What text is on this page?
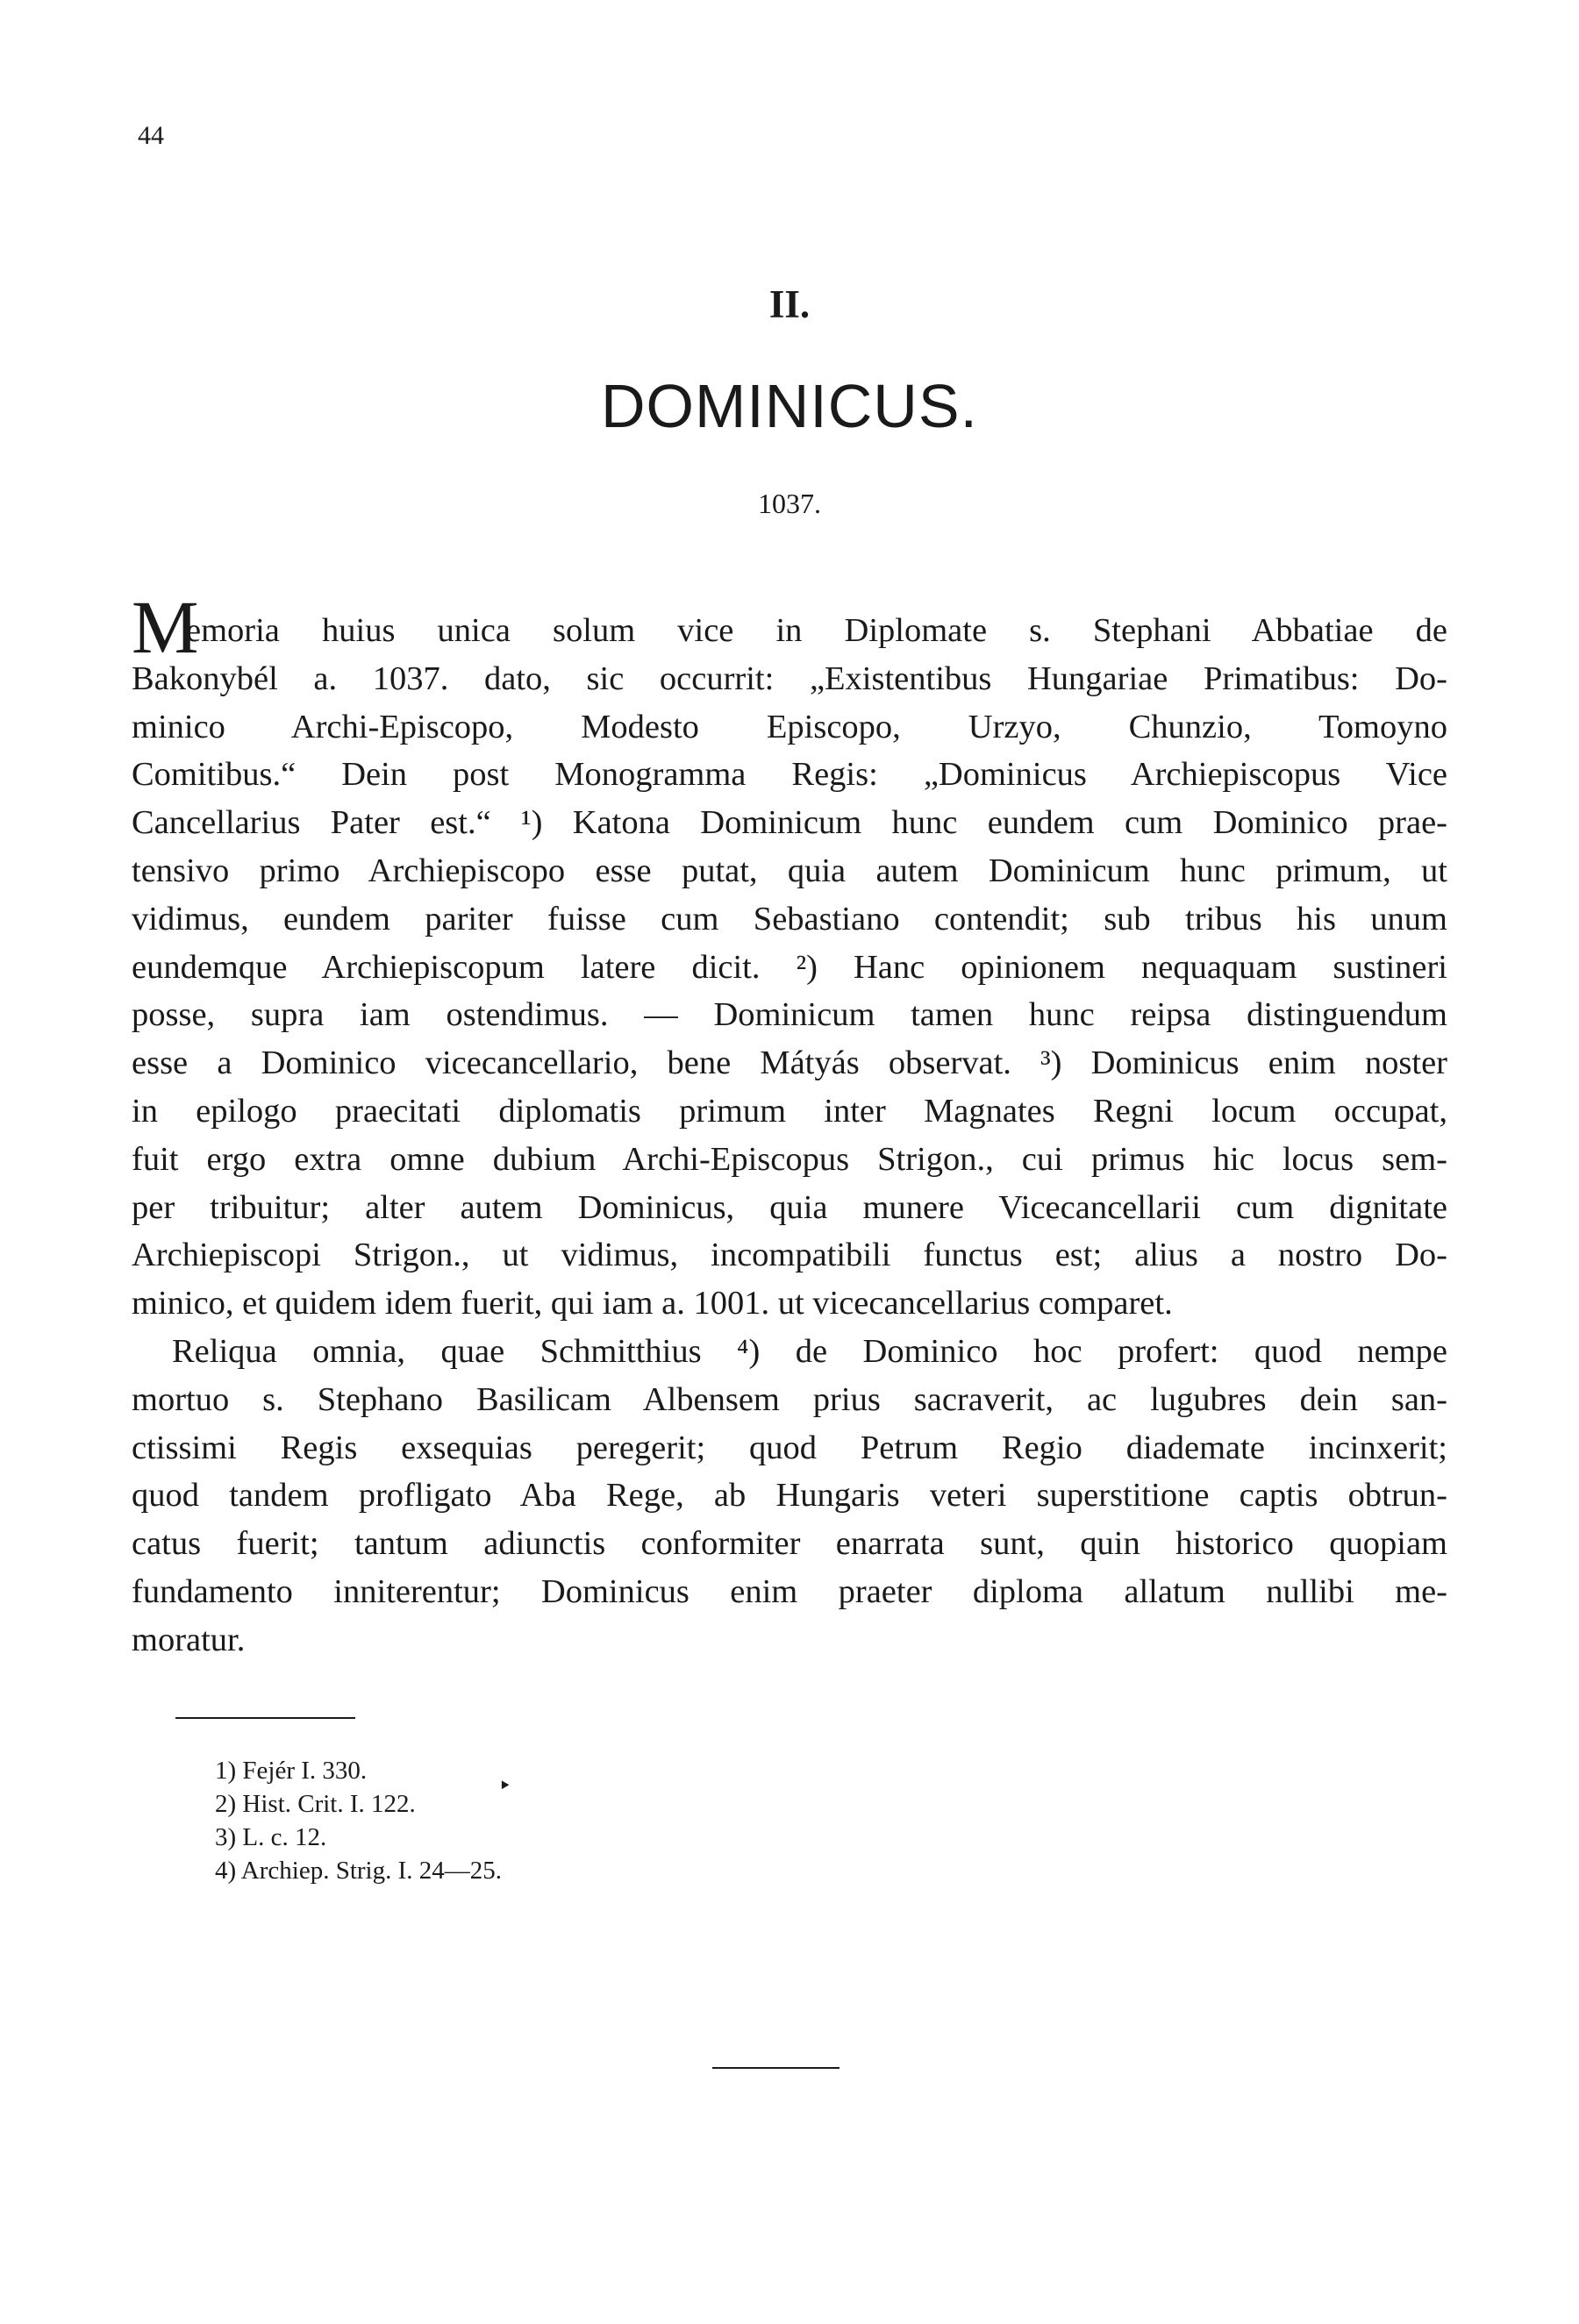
44
II.
DOMINICUS.
1037.
M
emoria huius unica solum vice in Diplomate s. Stephani Abbatiae de
Bakonybél a. 1037. dato, sic occurrit: „Existentibus Hungariae Primatibus: Do-
minico Archi-Episcopo, Modesto Episcopo, Urzyo, Chunzio, Tomoyno
Comitibus.“ Dein post Monogramma Regis: „Dominicus Archiepiscopus Vice
Cancellarius Pater est.“ ¹) Katona Dominicum hunc eundem cum Dominico prae-
tensivo primo Archiepiscopo esse putat, quia autem Dominicum hunc primum, ut
vidimus, eundem pariter fuisse cum Sebastiano contendit; sub tribus his unum
eundemque Archiepiscopum latere dicit. ²) Hanc opinionem nequaquam sustineri
posse, supra iam ostendimus. — Dominicum tamen hunc reipsa distinguendum
esse a Dominico vicecancellario, bene Mátyás observat. ³) Dominicus enim noster
in epilogo praecitati diplomatis primum inter Magnates Regni locum occupat,
fuit ergo extra omne dubium Archi-Episcopus Strigon., cui primus hic locus sem-
per tribuitur; alter autem Dominicus, quia munere Vicecancellarii cum dignitate
Archiepiscopi Strigon., ut vidimus, incompatibili functus est; alius a nostro Do-
minico, et quidem idem fuerit, qui iam a. 1001. ut vicecancellarius comparet.
Reliqua omnia, quae Schmitthius ⁴) de Dominico hoc profert: quod nempe
mortuo s. Stephano Basilicam Albensem prius sacraverit, ac lugubres dein san-
ctissimi Regis exsequias peregerit; quod Petrum Regio diademate incinxerit;
quod tandem profligato Aba Rege, ab Hungaris veteri superstitione captis obtrun-
catus fuerit; tantum adiunctis conformiter enarrata sunt, quin historico quopiam
fundamento inniterentur; Dominicus enim praeter diploma allatum nullibi me-
moratur.
1) Fejér I. 330.
2) Hist. Crit. I. 122.
3) L. c. 12.
4) Archiep. Strig. I. 24—25.
‣
